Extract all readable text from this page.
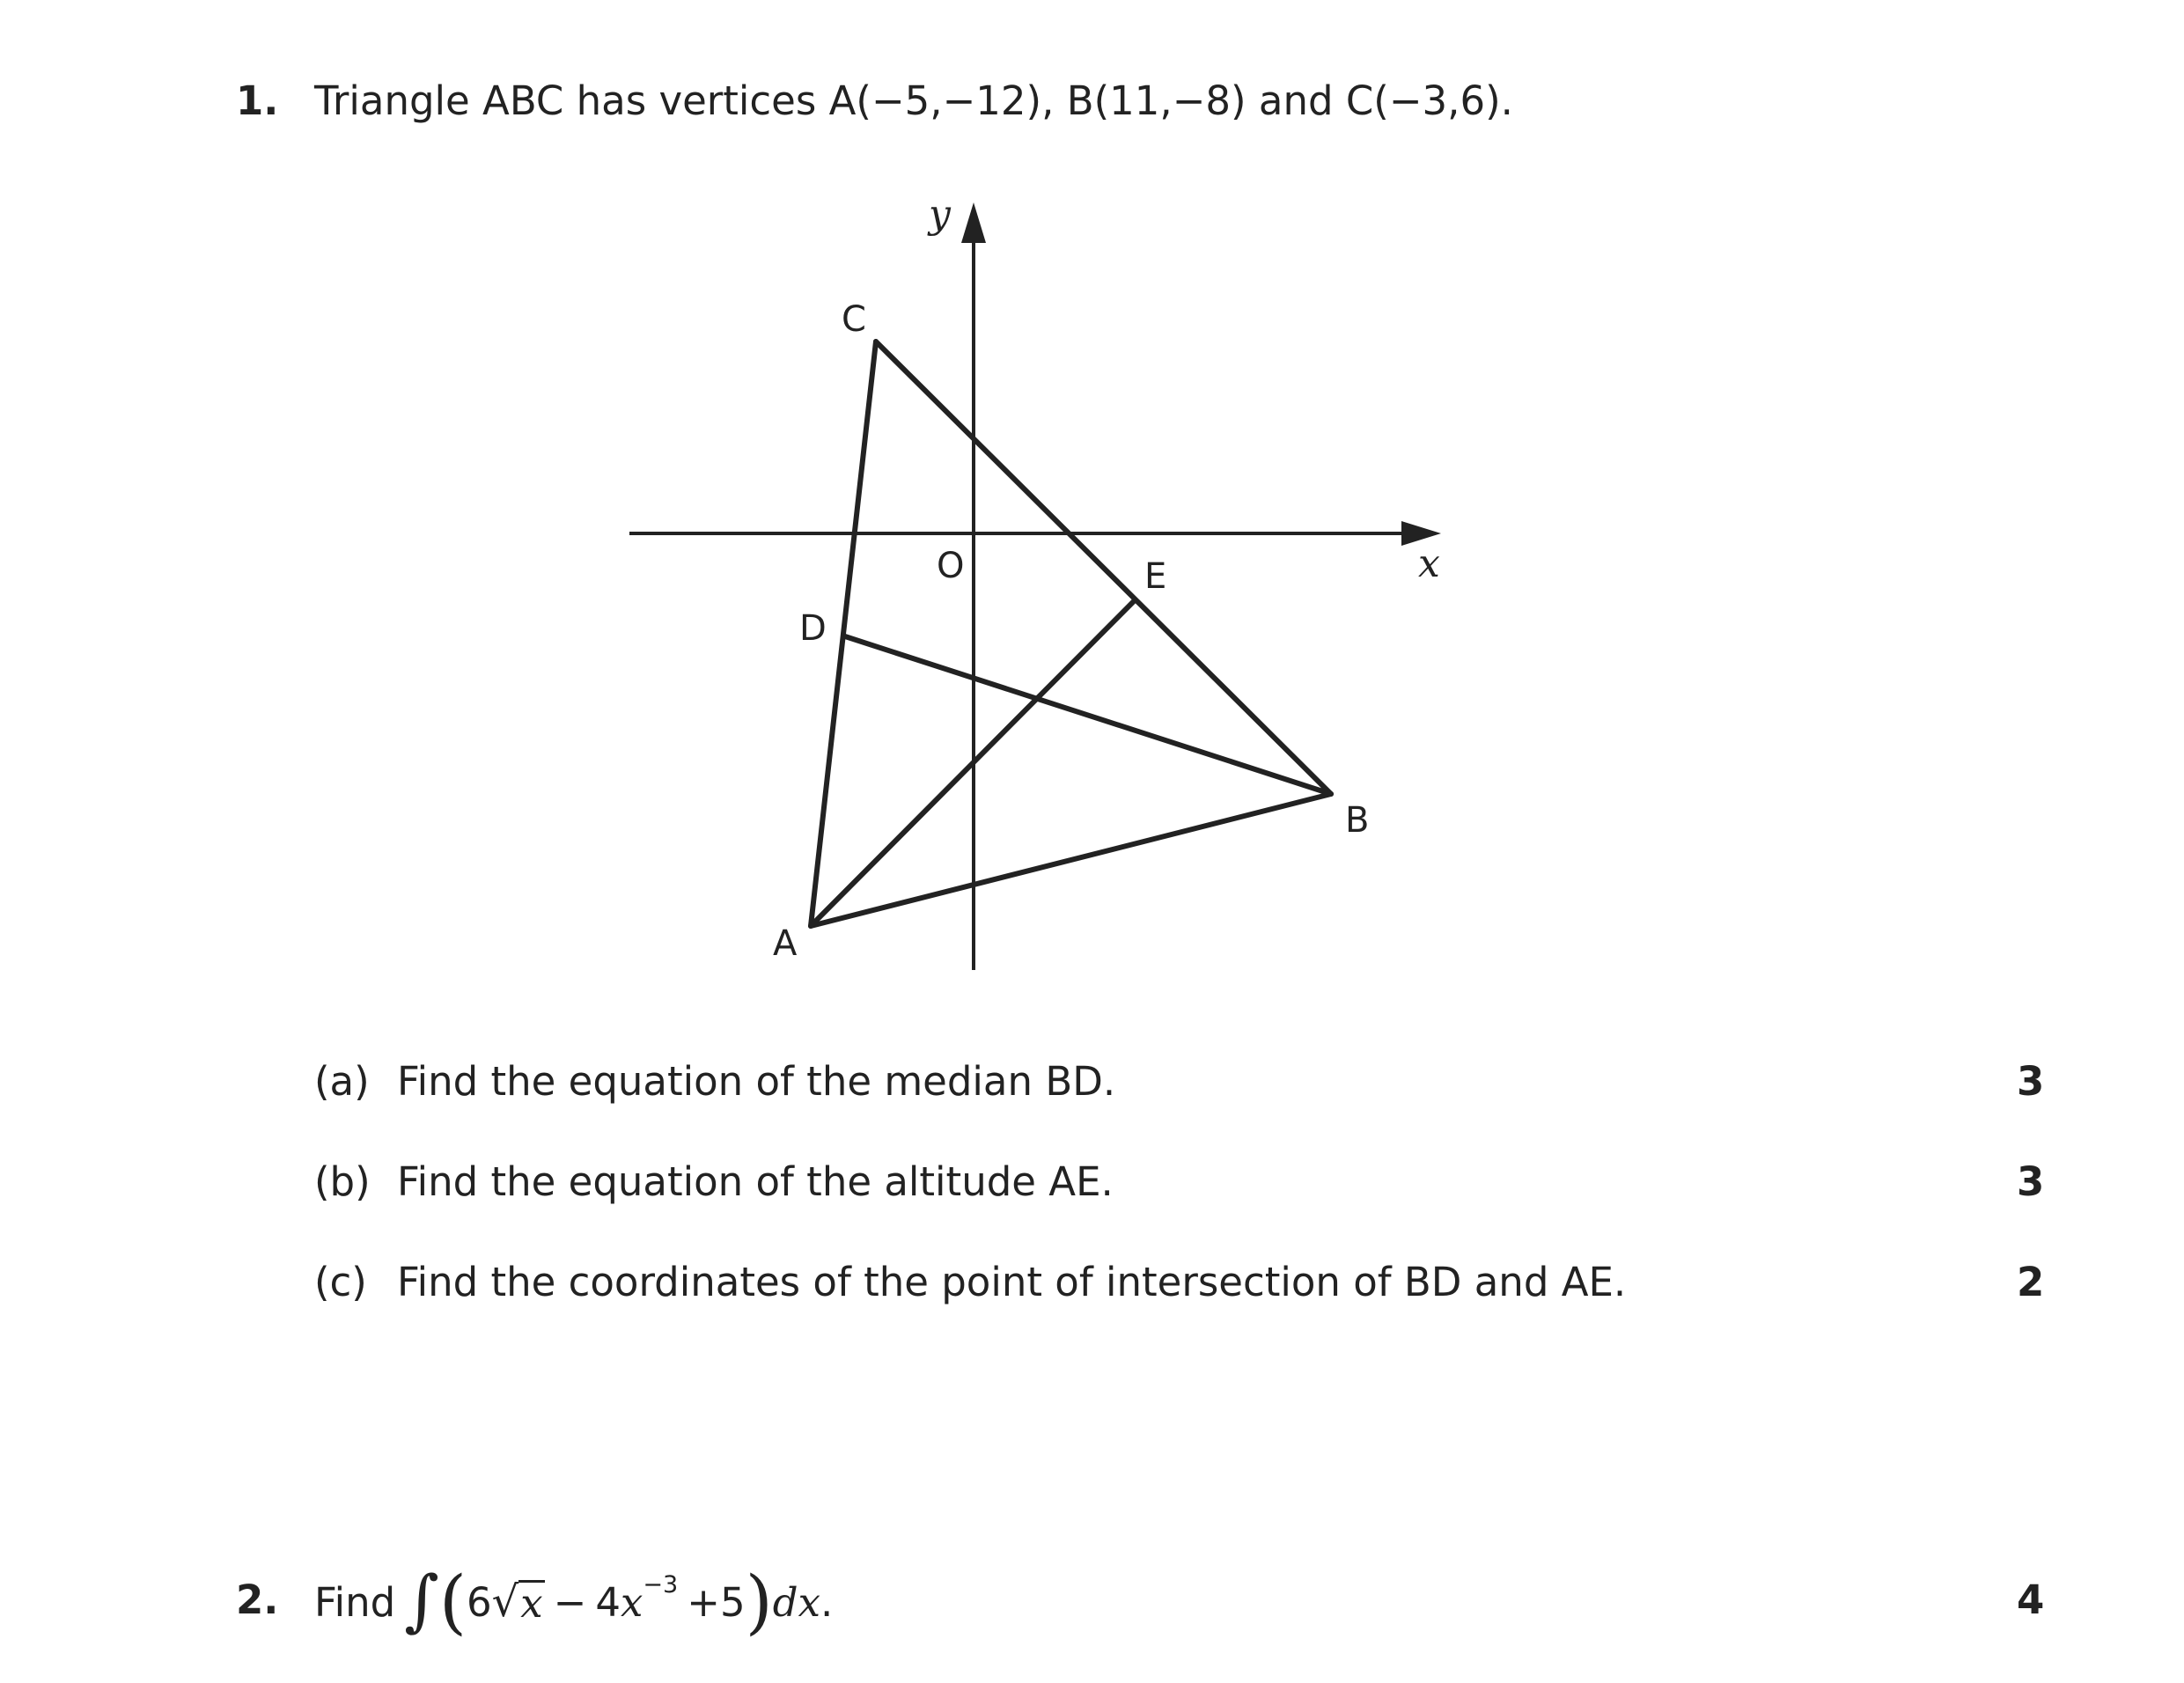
1. Triangle ABC has vertices A(−5,−12), B(11,−8) and C(−3,6).
y
x
C
O	E
D
B
A
(a) Find the equation of the median BD.	3
(b) Find the equation of the altitude AE.	3
(c) Find the coordinates of the point of intersection of BD and AE.	2
2. Find ∫ ( 6 √ x − 4 x −3 + 5 ) dx .	4
